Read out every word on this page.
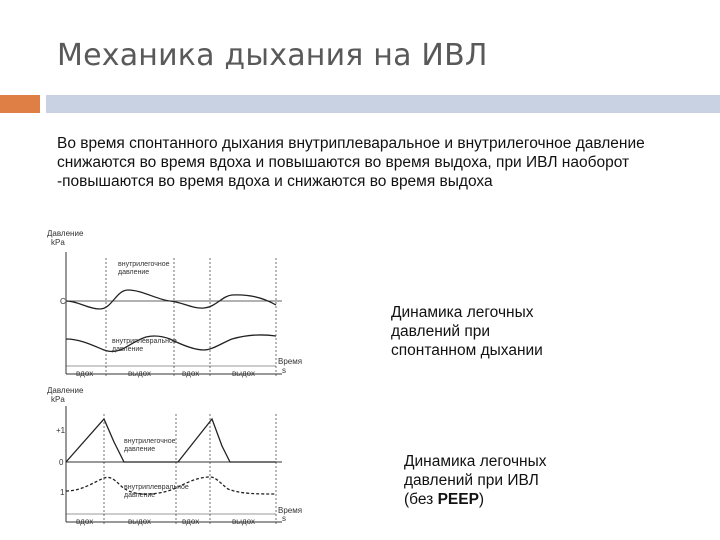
Механика дыхания на ИВЛ
Во время спонтанного дыхания внутриплеваральное и внутрилегочное давление снижаются во время вдоха и повышаются во время выдоха, при ИВЛ наоборот -повышаются во время вдоха и снижаются во время выдоха
Давление
kPa
С
внутрилегочное
давление
внутриплевральное
давление
Время
s
вдох	выдох	вдох	выдох
Давление
kPa
+1
0
1
внутрилегочное
давление
внутриплевральное
давление
Время
s
вдох	выдох	вдох	выдох
Динамика легочных
давлений при
спонтанном дыхании
Динамика легочных
давлений при ИВЛ
(без PEEP)
